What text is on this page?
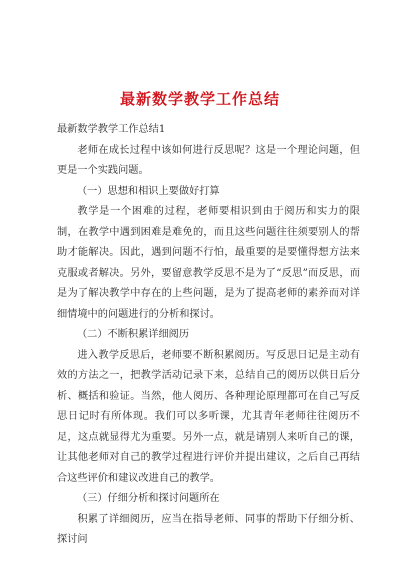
最新数学教学工作总结

最新数学教学工作总结1

老师在成长过程中该如何进行反思呢？这是一个理论问题，但更是一个实践问题。

（一）思想和相识上要做好打算

教学是一个困难的过程，老师要相识到由于阅历和实力的限制，在教学中遇到困难是难免的，而且这些问题往往须要别人的帮助才能解决。因此，遇到问题不行怕，最重要的是要懂得想方法来克服或者解决。另外，要留意教学反思不是为了“反思”而反思，而是为了解决教学中存在的上些问题，是为了提高老师的素养而对详细情境中的问题进行的分析和探讨。

（二）不断积累详细阅历

进入教学反思后，老师要不断积累阅历。写反思日记是主动有效的方法之一，把教学活动记录下来，总结自己的阅历以供日后分析、概括和验证。当然，他人阅历、各种理论原理都可在自己写反思日记时有所体现。我们可以多听课，尤其青年老师往往阅历不足，这点就显得尤为重要。另外一点，就是请别人来听自己的课，让其他老师对自己的教学过程进行评价并提出建议，之后自己再结合这些评价和建议改进自己的教学。

（三）仔细分析和探讨问题所在

积累了详细阅历，应当在指导老师、同事的帮助下仔细分析、探讨问
